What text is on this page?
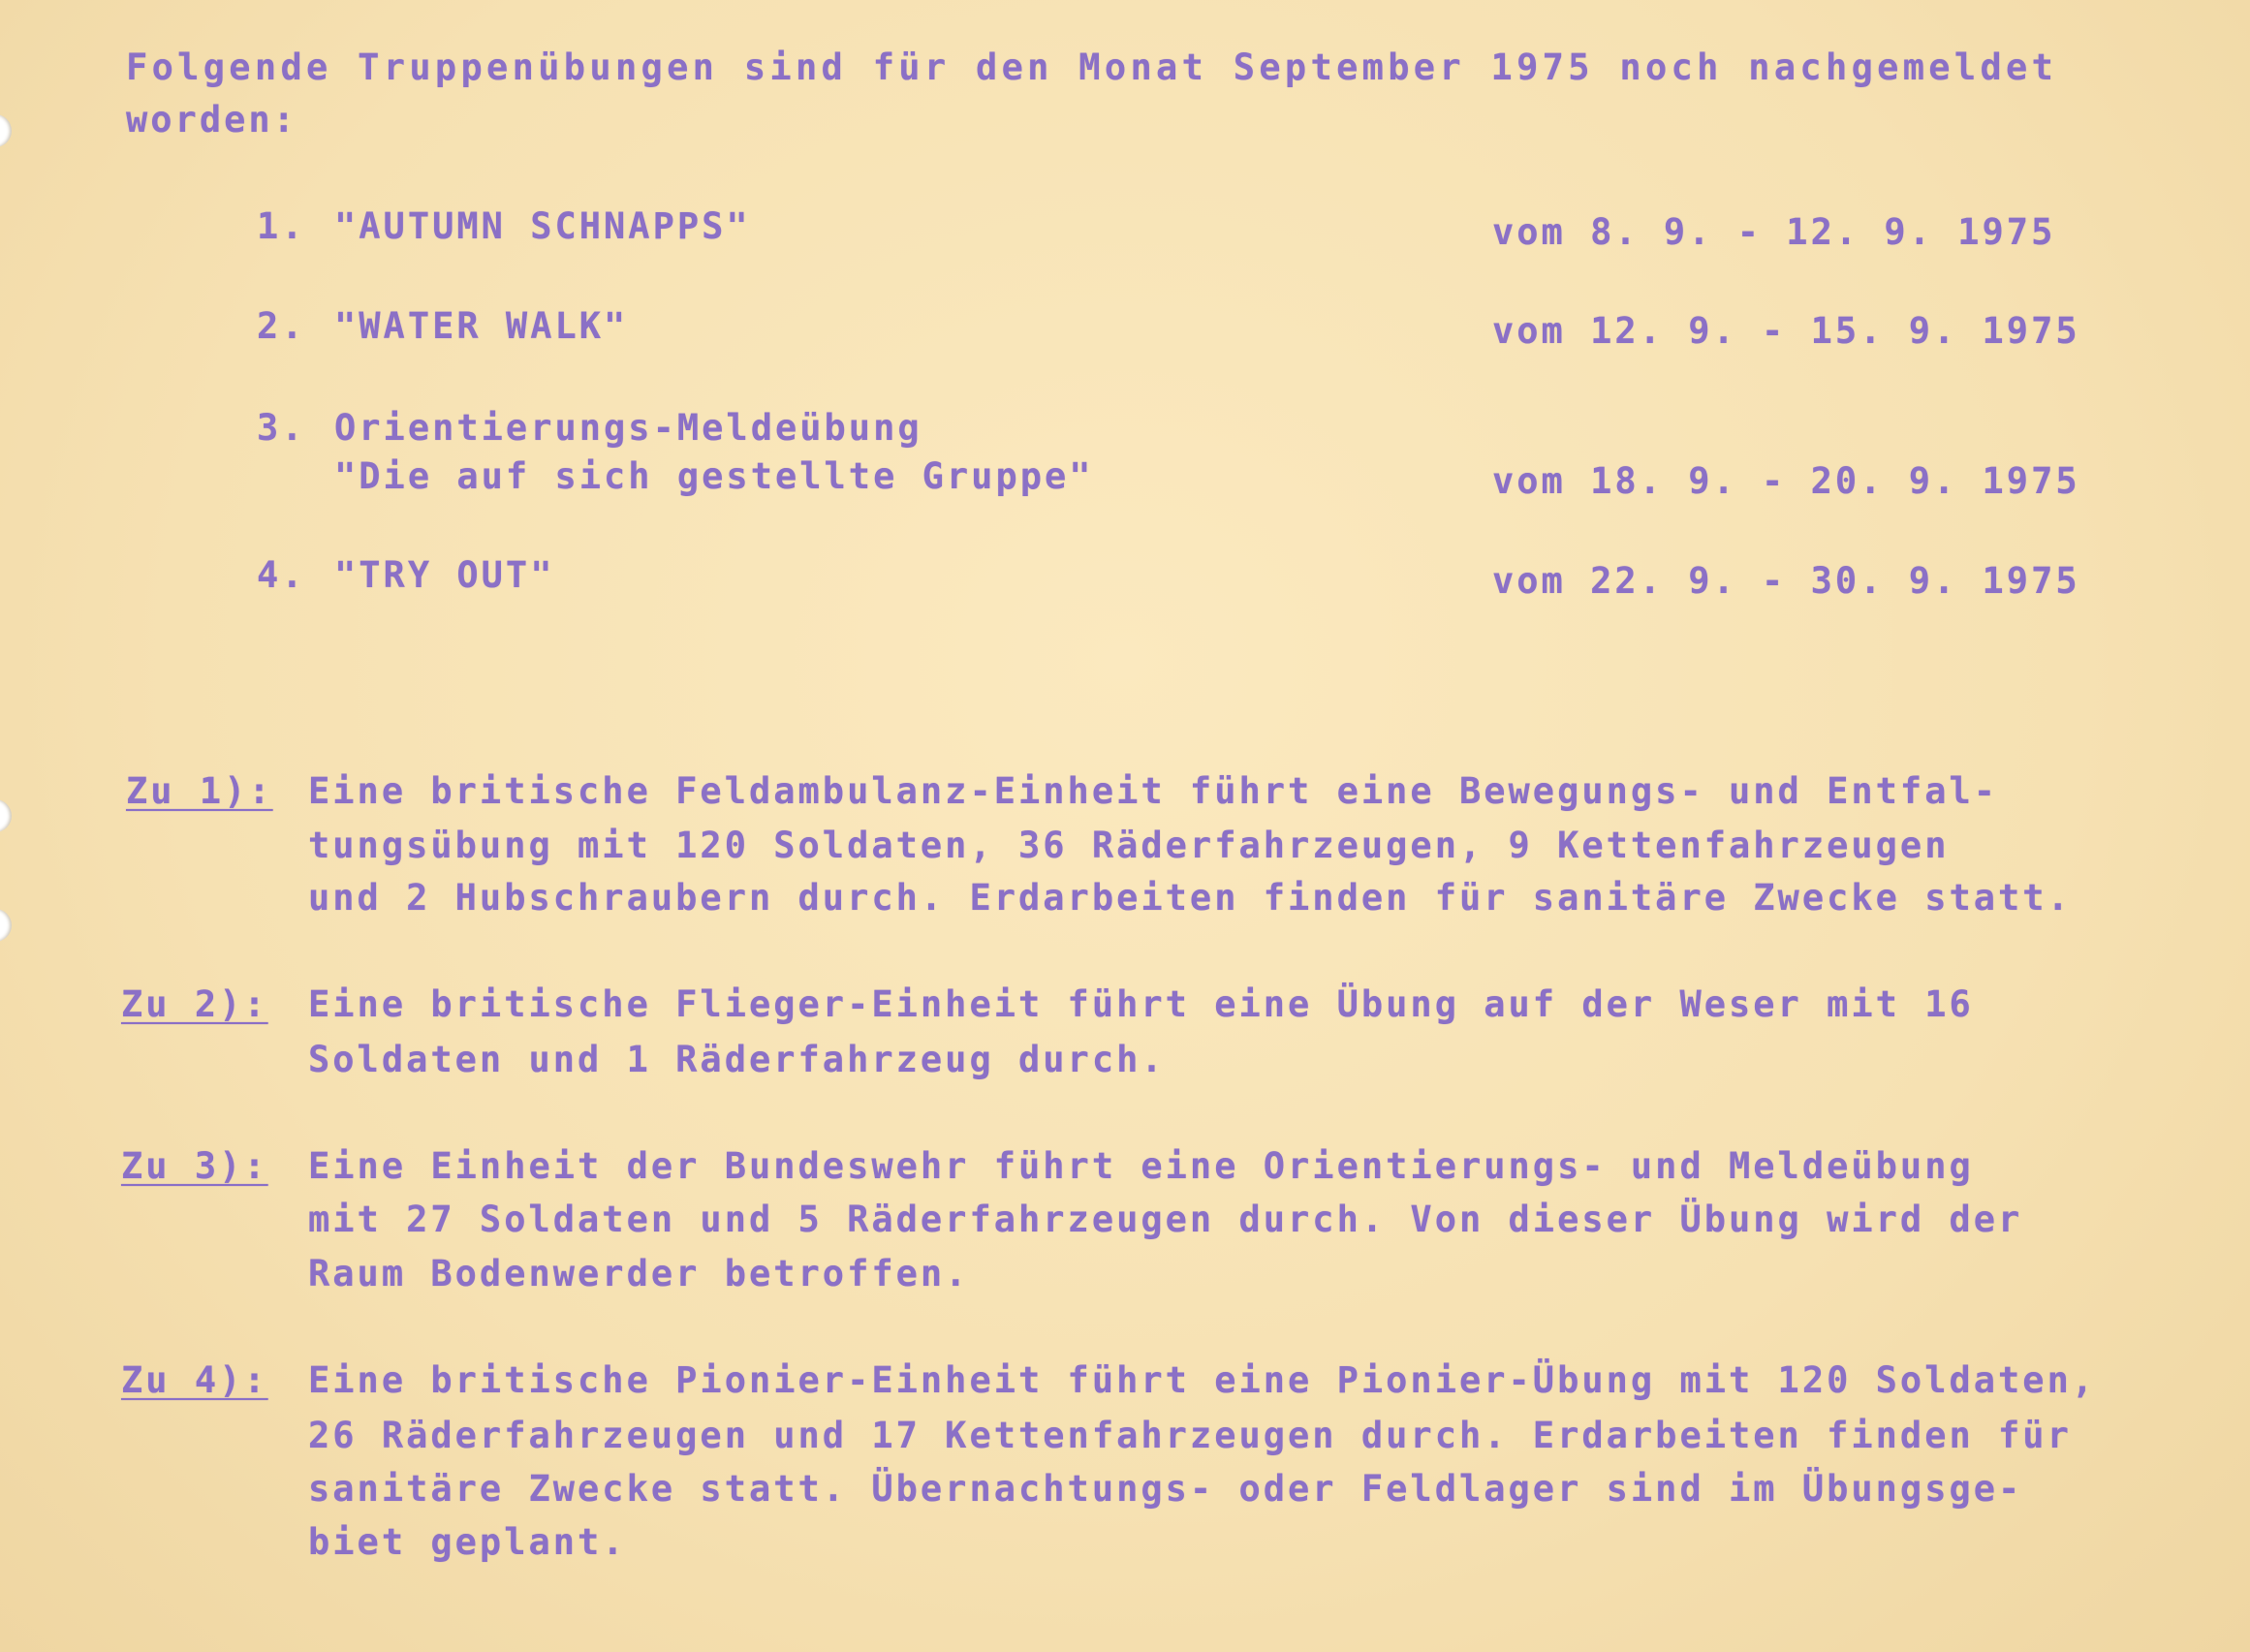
Folgende Truppenübungen sind für den Monat September 1975 noch nachgemeldet
worden:
1. "AUTUMN SCHNAPPS"	vom 8. 9. - 12. 9. 1975
2. "WATER WALK"	vom 12. 9. - 15. 9. 1975
3. Orientierungs-Meldeübung
"Die auf sich gestellte Gruppe"	vom 18. 9. - 20. 9. 1975
4. "TRY OUT"	vom 22. 9. - 30. 9. 1975
Zu 1): Eine britische Feldambulanz-Einheit führt eine Bewegungs- und Entfal-
tungsübung mit 120 Soldaten, 36 Räderfahrzeugen, 9 Kettenfahrzeugen
und 2 Hubschraubern durch. Erdarbeiten finden für sanitäre Zwecke statt.
Zu 2): Eine britische Flieger-Einheit führt eine Übung auf der Weser mit 16
Soldaten und 1 Räderfahrzeug durch.
Zu 3): Eine Einheit der Bundeswehr führt eine Orientierungs- und Meldeübung
mit 27 Soldaten und 5 Räderfahrzeugen durch. Von dieser Übung wird der
Raum Bodenwerder betroffen.
Zu 4): Eine britische Pionier-Einheit führt eine Pionier-Übung mit 120 Soldaten,
26 Räderfahrzeugen und 17 Kettenfahrzeugen durch. Erdarbeiten finden für
sanitäre Zwecke statt. Übernachtungs- oder Feldlager sind im Übungsge-
biet geplant.
